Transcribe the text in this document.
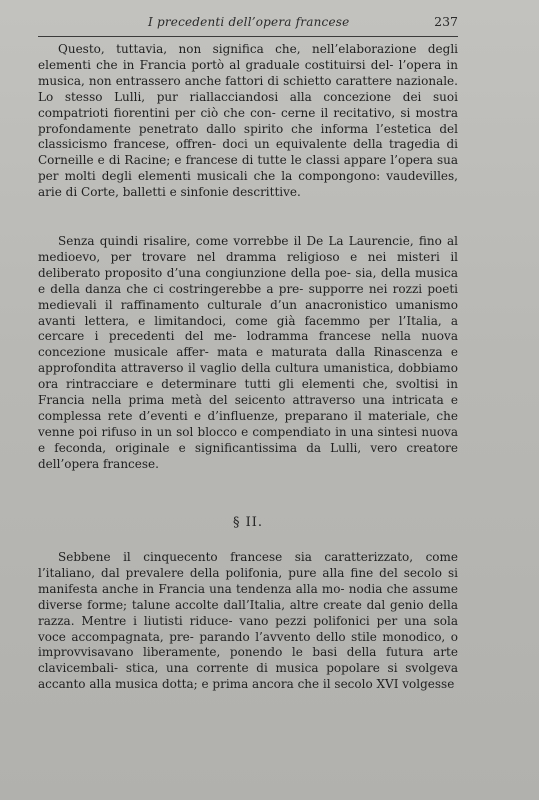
I precedenti dell’opera francese	237

Questo, tuttavia, non significa che, nell’elaborazione degli elementi che in Francia portò al graduale costituirsi del- l’opera in musica, non entrassero anche fattori di schietto carattere nazionale. Lo stesso Lulli, pur riallacciandosi alla concezione dei suoi compatrioti fiorentini per ciò che con- cerne il recitativo, si mostra profondamente penetrato dallo spirito che informa l’estetica del classicismo francese, offren- doci un equivalente della tragedia di Corneille e di Racine; e francese di tutte le classi appare l’opera sua per molti degli elementi musicali che la compongono: vaudevilles, arie di Corte, balletti e sinfonie descrittive.

Senza quindi risalire, come vorrebbe il De La Laurencie, fino al medioevo, per trovare nel dramma religioso e nei misteri il deliberato proposito d’una congiunzione della poe- sia, della musica e della danza che ci costringerebbe a pre- supporre nei rozzi poeti medievali il raffinamento culturale d’un anacronistico umanismo avanti lettera, e limitandoci, come già facemmo per l’Italia, a cercare i precedenti del me- lodramma francese nella nuova concezione musicale affer- mata e maturata dalla Rinascenza e approfondita attraverso il vaglio della cultura umanistica, dobbiamo ora rintracciare e determinare tutti gli elementi che, svoltisi in Francia nella prima metà del seicento attraverso una intricata e complessa rete d’eventi e d’influenze, preparano il materiale, che venne poi rifuso in un sol blocco e compendiato in una sintesi nuova e feconda, originale e significantissima da Lulli, vero creatore dell’opera francese.

§ II.

Sebbene il cinquecento francese sia caratterizzato, come l’italiano, dal prevalere della polifonia, pure alla fine del secolo si manifesta anche in Francia una tendenza alla mo- nodia che assume diverse forme; talune accolte dall’Italia, altre create dal genio della razza. Mentre i liutisti riduce- vano pezzi polifonici per una sola voce accompagnata, pre- parando l’avvento dello stile monodico, o improvvisavano liberamente, ponendo le basi della futura arte clavicembali- stica, una corrente di musica popolare si svolgeva accanto alla musica dotta; e prima ancora che il secolo XVI volgesse
